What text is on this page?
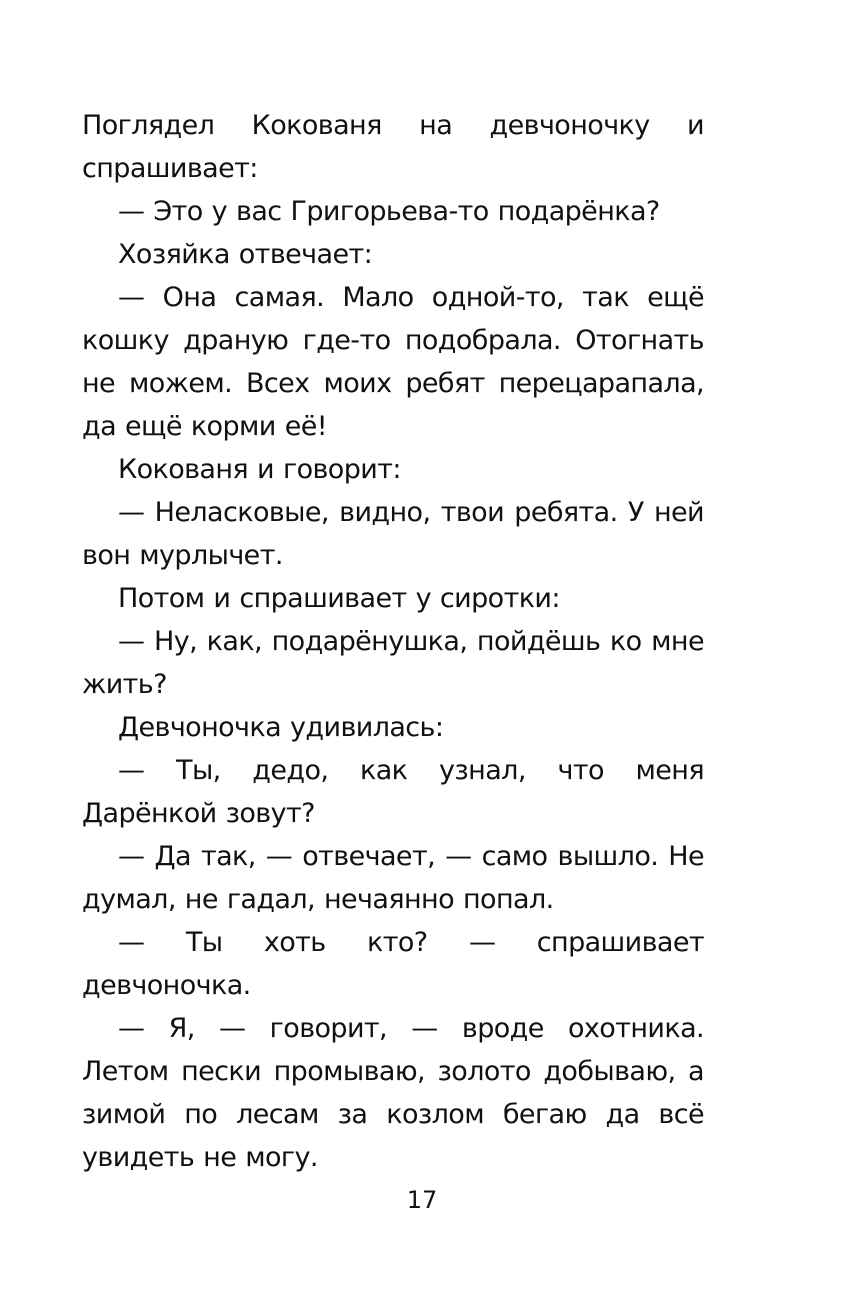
Поглядел Кокованя на девчоночку и спрашивает:

— Это у вас Григорьева-то подарёнка?

Хозяйка отвечает:

— Она самая. Мало одной-то, так ещё кошку драную где-то подобрала. Отогнать не можем. Всех моих ребят перецарапала, да ещё корми её!

Кокованя и говорит:

— Неласковые, видно, твои ребята. У ней вон мурлычет.

Потом и спрашивает у сиротки:

— Ну, как, подарёнушка, пойдёшь ко мне жить?

Девчоночка удивилась:

— Ты, дедо, как узнал, что меня Дарёнкой зовут?

— Да так, — отвечает, — само вышло. Не думал, не гадал, нечаянно попал.

— Ты хоть кто? — спрашивает девчоночка.

— Я, — говорит, — вроде охотника. Летом пески промываю, золото добываю, а зимой по лесам за козлом бегаю да всё увидеть не могу.

17
